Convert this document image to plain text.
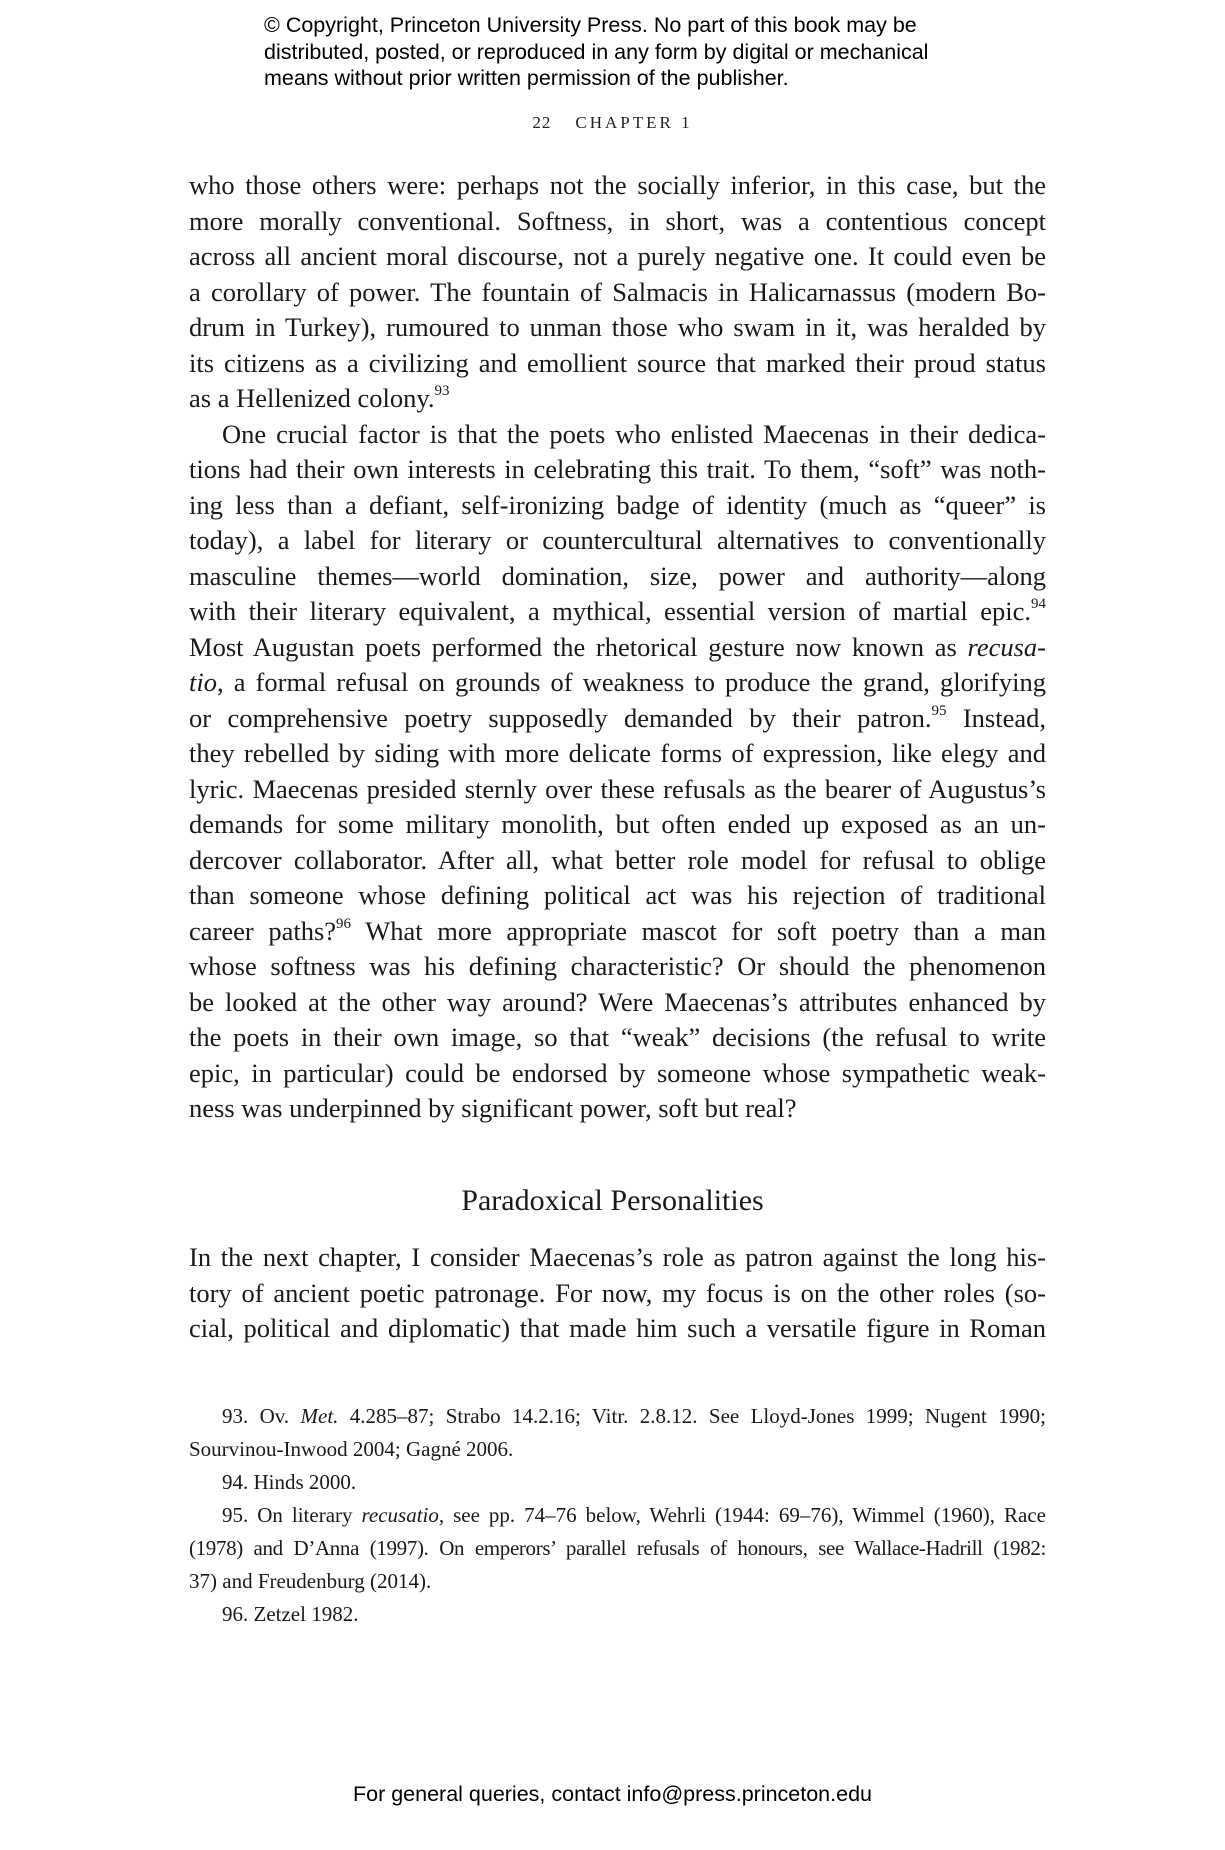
© Copyright, Princeton University Press. No part of this book may be
distributed, posted, or reproduced in any form by digital or mechanical
means without prior written permission of the publisher.
22 CHAPTER 1
who those others were: perhaps not the socially inferior, in this case, but the
more morally conventional. Softness, in short, was a contentious concept
across all ancient moral discourse, not a purely negative one. It could even be
a corollary of power. The fountain of Salmacis in Halicarnassus (modern Bo-
drum in Turkey), rumoured to unman those who swam in it, was heralded by
its citizens as a civilizing and emollient source that marked their proud status
as a Hellenized colony.$^{93}$
One crucial factor is that the poets who enlisted Maecenas in their dedica-
tions had their own interests in celebrating this trait. To them, “soft” was noth-
ing less than a defiant, self-ironizing badge of identity (much as “queer” is
today), a label for literary or countercultural alternatives to conventionally
masculine themes—world domination, size, power and authority—along
with their literary equivalent, a mythical, essential version of martial epic.$^{94}$
Most Augustan poets performed the rhetorical gesture now known as recusa-
tio, a formal refusal on grounds of weakness to produce the grand, glorifying
or comprehensive poetry supposedly demanded by their patron.$^{95}$ Instead,
they rebelled by siding with more delicate forms of expression, like elegy and
lyric. Maecenas presided sternly over these refusals as the bearer of Augustus’s
demands for some military monolith, but often ended up exposed as an un-
dercover collaborator. After all, what better role model for refusal to oblige
than someone whose defining political act was his rejection of traditional
career paths?$^{96}$ What more appropriate mascot for soft poetry than a man
whose softness was his defining characteristic? Or should the phenomenon
be looked at the other way around? Were Maecenas’s attributes enhanced by
the poets in their own image, so that “weak” decisions (the refusal to write
epic, in particular) could be endorsed by someone whose sympathetic weak-
ness was underpinned by significant power, soft but real?
Paradoxical Personalities
In the next chapter, I consider Maecenas’s role as patron against the long his-
tory of ancient poetic patronage. For now, my focus is on the other roles (so-
cial, political and diplomatic) that made him such a versatile figure in Roman
93. Ov. Met. 4.285–87; Strabo 14.2.16; Vitr. 2.8.12. See Lloyd-Jones 1999; Nugent 1990;
Sourvinou-Inwood 2004; Gagné 2006.
94. Hinds 2000.
95. On literary recusatio, see pp. 74–76 below, Wehrli (1944: 69–76), Wimmel (1960), Race
(1978) and D’Anna (1997). On emperors’ parallel refusals of honours, see Wallace-Hadrill (1982:
37) and Freudenburg (2014).
96. Zetzel 1982.
For general queries, contact info@press.princeton.edu
